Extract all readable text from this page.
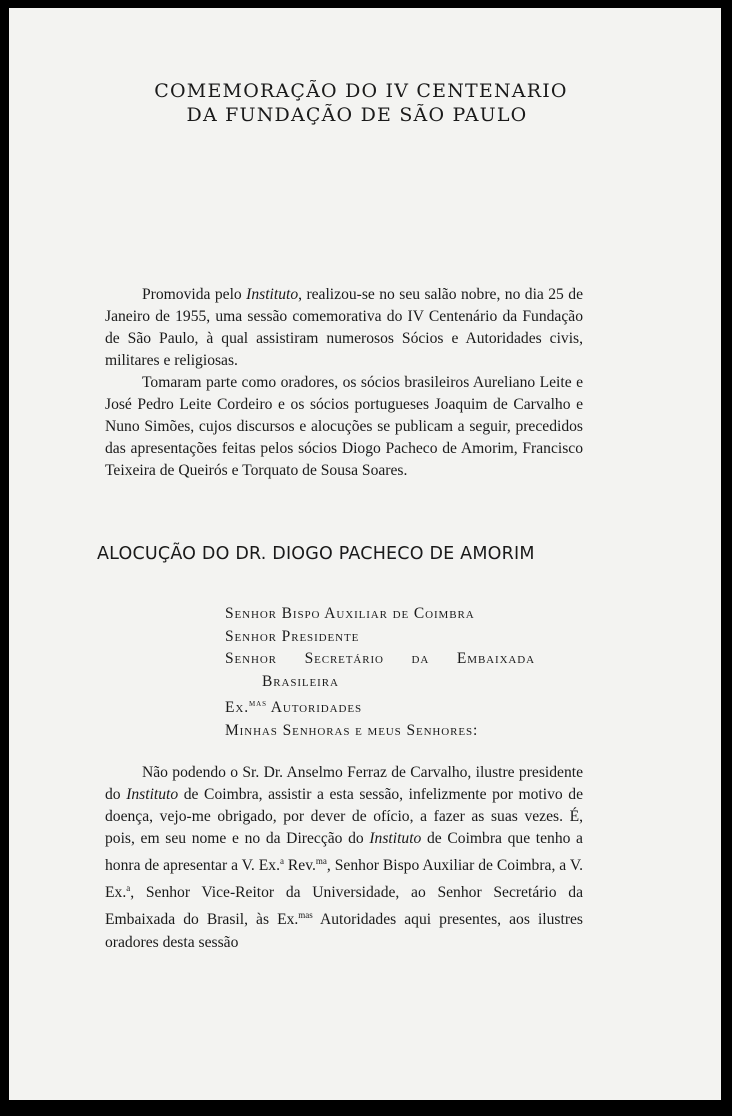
COMEMORAÇÃO DO IV CENTENARIO
DA FUNDAÇÃO DE SÃO PAULO

Promovida pelo Instituto, realizou-se no seu salão nobre, no dia 25 de Janeiro de 1955, uma sessão comemorativa do IV Centenário da Fundação de São Paulo, à qual assistiram numerosos Sócios e Autoridades civis, militares e religiosas.

Tomaram parte como oradores, os sócios brasileiros Aureliano Leite e José Pedro Leite Cordeiro e os sócios portugueses Joaquim de Carvalho e Nuno Simões, cujos discursos e alocuções se publicam a seguir, precedidos das apresentações feitas pelos sócios Diogo Pacheco de Amorim, Francisco Teixeira de Queirós e Torquato de Sousa Soares.

ALOCUÇÃO DO DR. DIOGO PACHECO DE AMORIM
Senhor Bispo Auxiliar de Coimbra
Senhor Presidente
Senhor Secretário da Embaixada
Brasileira
Ex.$^{mas}$ Autoridades
Minhas Senhoras e meus Senhores:

Não podendo o Sr. Dr. Anselmo Ferraz de Carvalho, ilustre presidente do Instituto de Coimbra, assistir a esta sessão, infelizmente por motivo de doença, vejo-me obrigado, por dever de ofício, a fazer as suas vezes. É, pois, em seu nome e no da Direcção do Instituto de Coimbra que tenho a honra de apresentar a V. Ex.$^a$ Rev.$^{ma}$, Senhor Bispo Auxiliar de Coimbra, a V. Ex.$^a$, Senhor Vice-Reitor da Universidade, ao Senhor Secretário da Embaixada do Brasil, às Ex.$^{mas}$ Autoridades aqui presentes, aos ilustres oradores desta sessão
